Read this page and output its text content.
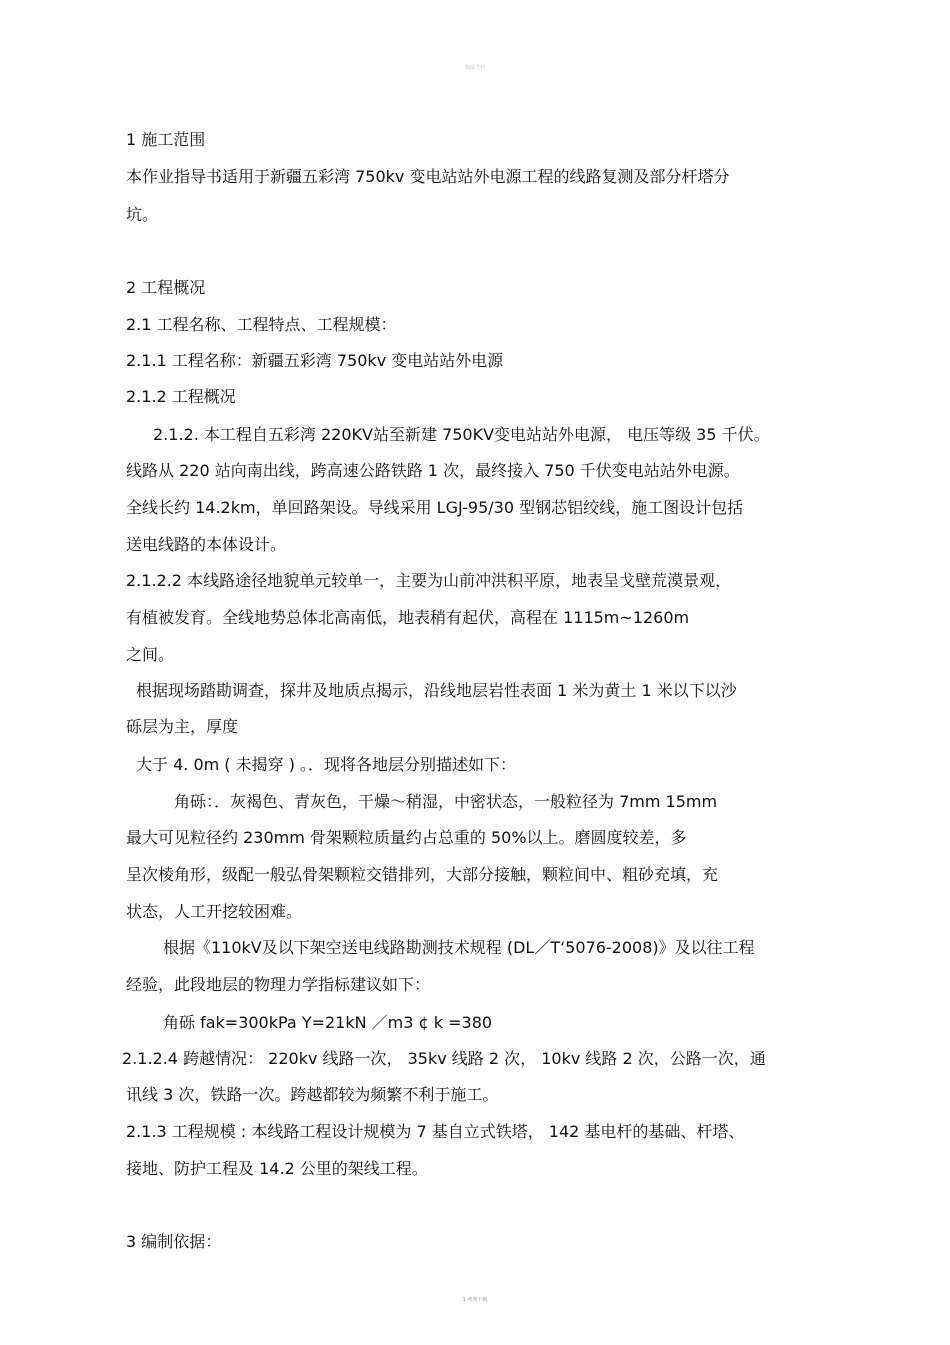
精品文档
1 施工范围
本作业指导书适用于新疆五彩湾 750kv 变电站站外电源工程的线路复测及部分杆塔分
坑。
2 工程概况
2.1 工程名称、工程特点、工程规模：
2.1.1 工程名称：新疆五彩湾 750kv 变电站站外电源
2.1.2 工程概况
2.1.2. 本工程自五彩湾 220KV站至新建 750KV变电站站外电源， 电压等级 35 千伏。
线路从 220 站向南出线，跨高速公路铁路 1 次，最终接入 750 千伏变电站站外电源。
全线长约 14.2km，单回路架设。导线采用 LGJ-95/30 型钢芯铝绞线，施工图设计包括
送电线路的本体设计。
2.1.2.2 本线路途径地貌单元较单一，主要为山前冲洪积平原，地表呈戈壁荒漠景观，
有植被发育。全线地势总体北高南低，地表稍有起伏，高程在 1115m~1260m
之间。
根据现场踏勘调查，探井及地质点揭示，沿线地层岩性表面 1 米为黄土 1 米以下以沙
砾层为主，厚度
大于 4. 0m ( 未揭穿 ) 。．现将各地层分别描述如下：
角砾：．灰褐色、青灰色，干燥～稍湿，中密状态，一般粒径为 7mm 15mm
最大可见粒径约 230mm 骨架颗粒质量约占总重的 50%以上。磨圆度较差，多
呈次棱角形，级配一般弘骨架颗粒交错排列，大部分接触，颗粒间中、粗砂充填，充
状态，人工开挖较困难。
根据《110kV及以下架空送电线路勘测技术规程 (DL／T‘5076-2008)》及以往工程
经验，此段地层的物理力学指标建议如下：
角砾 fak=300kPa Y=21kN ／m3 ¢ k =380
2.1.2.4 跨越情况： 220kv 线路一次， 35kv 线路 2 次， 10kv 线路 2 次，公路一次，通
讯线 3 次，铁路一次。跨越都较为频繁不利于施工。
2.1.3 工程规模 : 本线路工程设计规模为 7 基自立式铁塔， 142 基电杆的基础、杆塔、
接地、防护工程及 14.2 公里的架线工程。
3 编制依据：
1 欢迎下载
